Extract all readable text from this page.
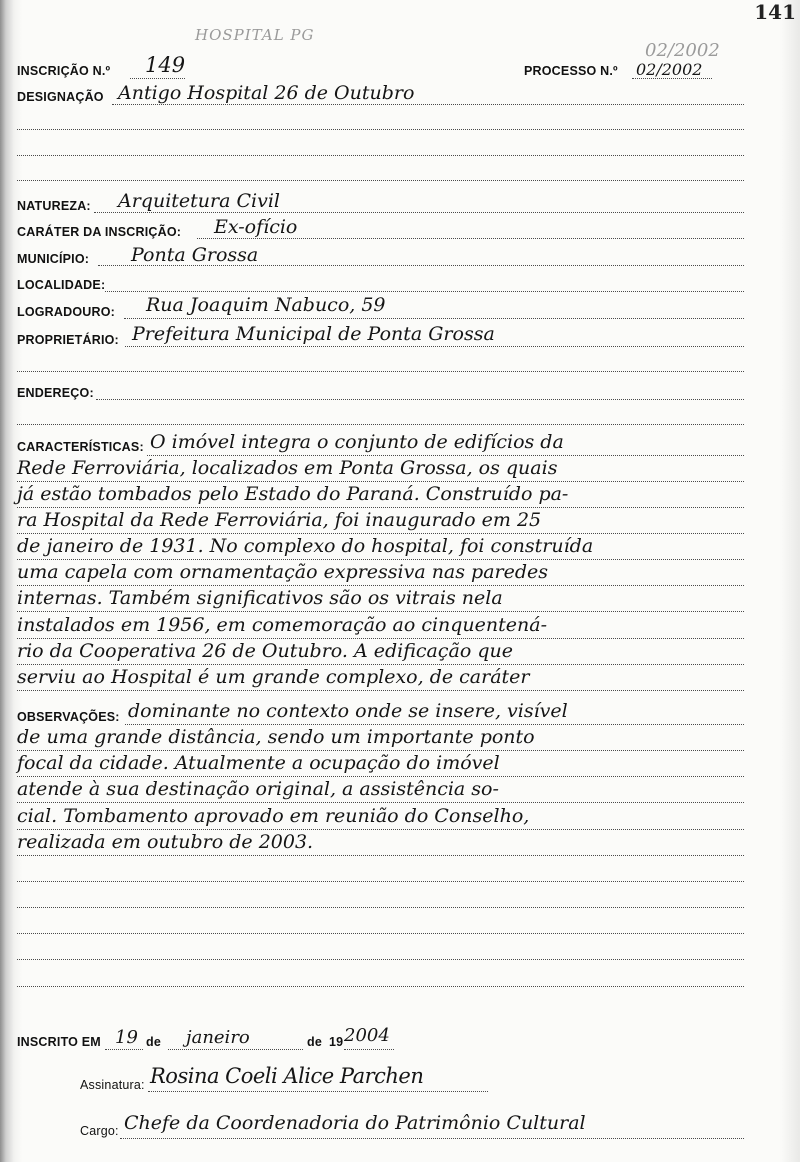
141
HOSPITAL PG
02/2002
INSCRIÇÃO N.º 149	PROCESSO N.º 02/2002
DESIGNAÇÃO Antigo Hospital 26 de Outubro
NATUREZA: Arquitetura Civil
CARÁTER DA INSCRIÇÃO: Ex-ofício
MUNICÍPIO: Ponta Grossa
LOCALIDADE:
LOGRADOURO: Rua Joaquim Nabuco, 59
PROPRIETÁRIO: Prefeitura Municipal de Ponta Grossa
ENDEREÇO:
CARACTERÍSTICAS: O imóvel integra o conjunto de edifícios da
Rede Ferroviária, localizados em Ponta Grossa, os quais
já estão tombados pelo Estado do Paraná. Construído pa-
ra Hospital da Rede Ferroviária, foi inaugurado em 25
de janeiro de 1931. No complexo do hospital, foi construída
uma capela com ornamentação expressiva nas paredes
internas. Também significativos são os vitrais nela
instalados em 1956, em comemoração ao cinquentená-
rio da Cooperativa 26 de Outubro. A edificação que
serviu ao Hospital é um grande complexo, de caráter
OBSERVAÇÕES: dominante no contexto onde se insere, visível
de uma grande distância, sendo um importante ponto
focal da cidade. Atualmente a ocupação do imóvel
atende à sua destinação original, a assistência so-
cial. Tombamento aprovado em reunião do Conselho,
realizada em outubro de 2003.
INSCRITO EM 19 de janeiro	de 19 2004
Assinatura: Rosina Coeli Alice Parchen
Cargo: Chefe da Coordenadoria do Patrimônio Cultural
